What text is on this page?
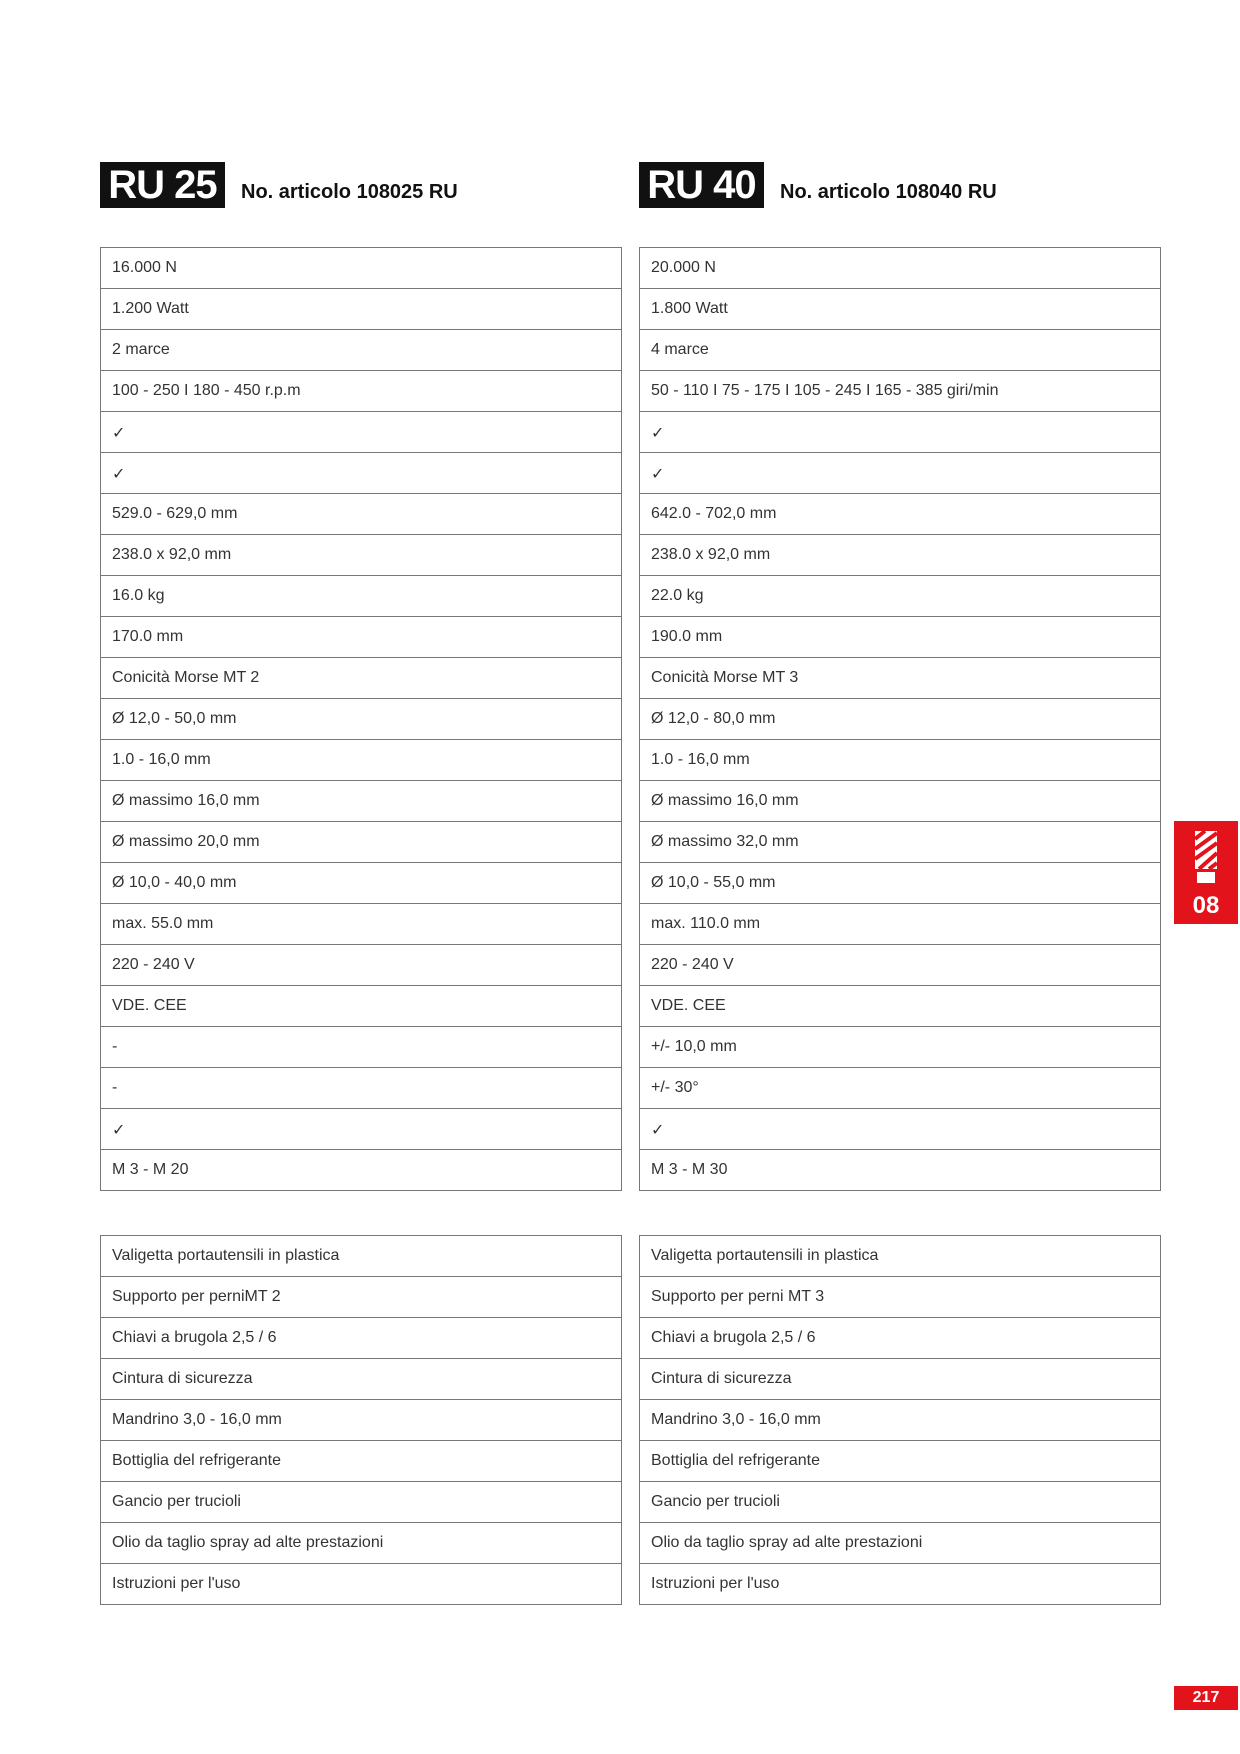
RU 25	No. articolo 108025 RU
16.000 N
1.200 Watt
2 marce
100 - 250 I 180 - 450 r.p.m
✓
✓
529.0 - 629,0 mm
238.0 x 92,0 mm
16.0 kg
170.0 mm
Conicità Morse MT 2
Ø 12,0 - 50,0 mm
1.0 - 16,0 mm
Ø massimo 16,0 mm
Ø massimo 20,0 mm
Ø 10,0 - 40,0 mm
max. 55.0 mm
220 - 240 V
VDE. CEE
-
-
✓
M 3 - M 20
Valigetta portautensili in plastica
Supporto per perniMT 2
Chiavi a brugola 2,5 / 6
Cintura di sicurezza
Mandrino 3,0 - 16,0 mm
Bottiglia del refrigerante
Gancio per trucioli
Olio da taglio spray ad alte prestazioni
Istruzioni per l'uso
RU 40	No. articolo 108040 RU
20.000 N
1.800 Watt
4 marce
50 - 110 I 75 - 175 I 105 - 245 I 165 - 385 giri/min
✓
✓
642.0 - 702,0 mm
238.0 x 92,0 mm
22.0 kg
190.0 mm
Conicità Morse MT 3
Ø 12,0 - 80,0 mm
1.0 - 16,0 mm
Ø massimo 16,0 mm
Ø massimo 32,0 mm
Ø 10,0 - 55,0 mm
max. 110.0 mm
220 - 240 V
VDE. CEE
+/- 10,0 mm
+/- 30°
✓
M 3 - M 30
Valigetta portautensili in plastica
Supporto per perni MT 3
Chiavi a brugola 2,5 / 6
Cintura di sicurezza
Mandrino 3,0 - 16,0 mm
Bottiglia del refrigerante
Gancio per trucioli
Olio da taglio spray ad alte prestazioni
Istruzioni per l'uso
08
217
